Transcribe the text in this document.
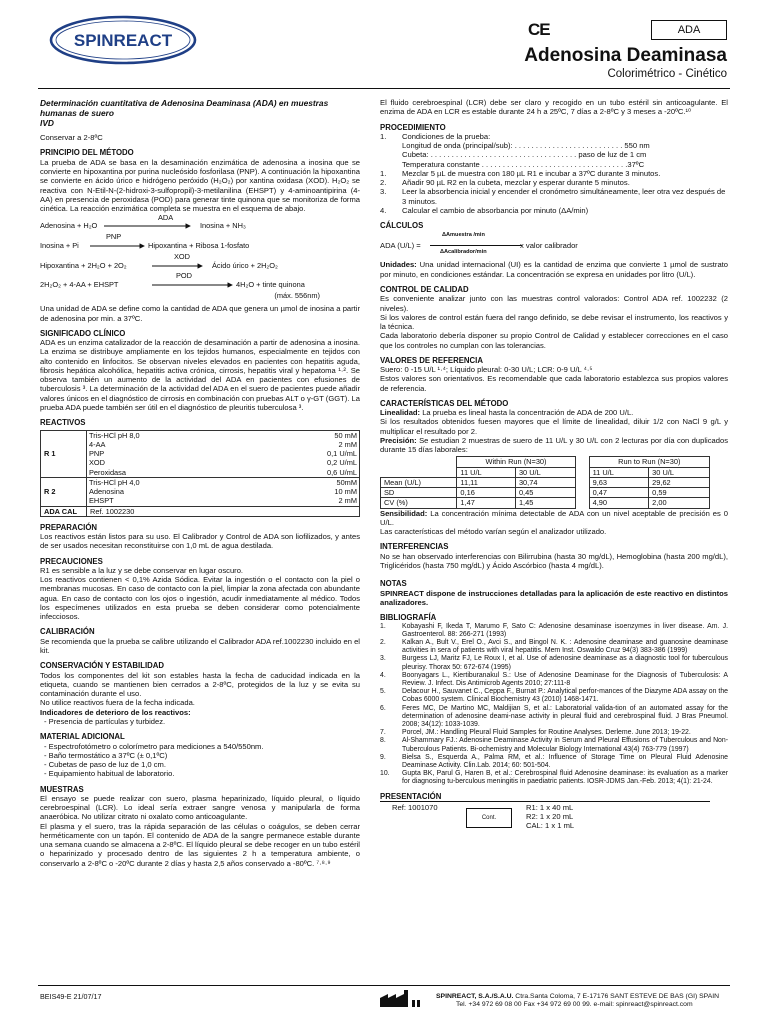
SPINREACT
CE	ADA
Adenosina Deaminasa
Colorimétrico - Cinético
Determinación cuantitativa de Adenosina Deaminasa (ADA) en muestras humanas de suero
IVD

Conservar a 2-8ºC

PRINCIPIO DEL MÉTODO

La prueba de ADA se basa en la desaminación enzimática de adenosina a inosina que se convierte en hipoxantina por purina nucleósido fosforilasa (PNP). A continuación la hipoxantina se convierte en ácido úrico e hidrógeno peróxido (H₂O₂) por xantina oxidasa (XOD). H₂O₂ se reactiva con N-Etil-N-(2-hidroxi-3-sulfopropil)-3-metilanilina (EHSPT) y 4-aminoantipirina (4-AA) en presencia de peroxidasa (POD) para generar tinte quinona que se monitoriza de forma cinética. La reacción enzimática completa se muestra en el esquema de abajo.

ADA
Adenosina + H₂O	Inosina + NH₃
PNP
Inosina + Pi	Hipoxantina + Ribosa 1-fosfato
XOD
Hipoxantina + 2H₂O + 2O₂	Ácido úrico + 2H₂O₂
POD
2H₂O₂ + 4-AA + EHSPT	4H₂O + tinte quinona
(máx. 556nm)

Una unidad de ADA se define como la cantidad de ADA que genera un µmol de inosina a partir de adenosina por min. a 37ºC.

SIGNIFICADO CLÍNICO

ADA es un enzima catalizador de la reacción de desaminación a partir de adenosina a inosina. La enzima se distribuye ampliamente en los tejidos humanos, especialmente en tejidos con alto contenido en linfocitos. Se observan niveles elevados en pacientes con hepatitis aguda, fibrosis hepática alcohólica, hepatitis activa crónica, cirrosis, hepatitis viral y hepatoma ¹·². Se observa también un aumento de la actividad del ADA en pacientes con efusiones de tuberculosis ³. La determinación de la actividad del ADA en el suero de pacientes puede añadir valores únicos en el diagnóstico de cirrosis en combinación con pruebas ALT o γ-GT (GGT). La prueba ADA puede también ser útil en el diagnóstico de pleuritis tuberculosa ³.

REACTIVOS
R 1	
Tris-HCl pH 8,0	50 mM
4-AA	2 mM
PNP	0,1 U/mL
XOD	0,2 U/mL
Peroxidasa	0,6 U/mL

R 2	
Tris-HCl pH 4,0	50mM
Adenosina	10 mM
EHSPT	2 mM

ADA CAL	Ref. 1002230
PREPARACIÓN

Los reactivos están listos para su uso. El Calibrador y Control de ADA son liofilizados, y antes de ser usados necesitan reconstituirse con 1,0 mL de agua destilada.

PRECAUCIONES

R1 es sensible a la luz y se debe conservar en lugar oscuro.

Los reactivos contienen < 0,1% Azida Sódica. Evitar la ingestión o el contacto con la piel o membranas mucosas. En caso de contacto con la piel, limpiar la zona afectada con abundante agua. En caso de contacto con los ojos o ingestión, acudir inmediatamente al médico. Todos los especímenes utilizados en esta prueba se deben considerar como potencialmente infecciosos.

CALIBRACIÓN

Se recomienda que la prueba se calibre utilizando el Calibrador ADA ref.1002230 incluido en el kit.

CONSERVACIÓN Y ESTABILIDAD

Todos los componentes del kit son estables hasta la fecha de caducidad indicada en la etiqueta, cuando se mantienen bien cerrados a 2-8ºC, protegidos de la luz y se evita su contaminación durante el uso.

No utilice reactivos fuera de la fecha indicada.

Indicadores de deterioro de los reactivos:

- Presencia de partículas y turbidez.

MATERIAL ADICIONAL
- Espectrofotómetro o colorímetro para mediciones a 540/550nm.
- Baño termostático a 37ºC (± 0,1ºC)
- Cubetas de paso de luz de 1,0 cm.
- Equipamiento habitual de laboratorio.
MUESTRAS

El ensayo se puede realizar con suero, plasma heparinizado, líquido pleural, o líquido cerebroespinal (LCR). Lo ideal sería extraer sangre venosa y manipularla de forma anaeróbica. No utilizar citrato ni oxalato como anticoagulante.

El plasma y el suero, tras la rápida separación de las células o coágulos, se deben cerrar herméticamente con un tapón. El contenido de ADA de la sangre permanece estable durante una semana cuando se almacena a 2-8ºC. El líquido pleural se debe recoger en un tubo estéril o heparinizado y procesado dentro de las siguientes 2 h a temperatura ambiente, o conservarlo a 2-8ºC o -20ºC durante 2 días y hasta 2,5 años conservado a -80ºC. ⁷·⁸·⁹

El fluido cerebroespinal (LCR) debe ser claro y recogido en un tubo estéril sin anticoagulante. El enzima de ADA en LCR es estable durante 24 h a 25ºC, 7 días a 2-8ºC y 3 meses a -20ºC.¹⁰

PROCEDIMIENTO
1. Condiciones de la prueba:
Longitud de onda (principal/sub): . . . . . . . . . . . . . . . . . . . . . . . . . . 550 nm
Cubeta: . . . . . . . . . . . . . . . . . . . . . . . . . . . . . . . . . . . paso de luz de 1 cm
Temperatura constante . . . . . . . . . . . . . . . . . . . . . . . . . . . . . . . . . . .37ºC
1. Mezclar 5 µL de muestra con 180 µL R1 e incubar a 37ºC durante 3 minutos.
2. Añadir 90 µL R2 en la cubeta, mezclar y esperar durante 5 minutos.
3. Leer la absorbencia inicial y encender el cronómetro simultáneamente, leer otra vez después de 3 minutos.
4. Calcular el cambio de absorbancia por minuto (ΔA/min)
CÁLCULOS
ADA (U/L) =
ΔAmuestra /min
ΔAcalibrador/min
x valor calibrador

Unidades: Una unidad internacional (UI) es la cantidad de enzima que convierte 1 µmol de sustrato por minuto, en condiciones estándar. La concentración se expresa en unidades por litro (U/L).

CONTROL DE CALIDAD

Es conveniente analizar junto con las muestras control valorados: Control ADA ref. 1002232 (2 niveles).

Si los valores de control están fuera del rango definido, se debe revisar el instrumento, los reactivos y la técnica.

Cada laboratorio debería disponer su propio Control de Calidad y establecer correcciones en el caso que los controles no cumplan con las tolerancias.

VALORES DE REFERENCIA

Suero: 0 -15 U/L ¹·⁴; Líquido pleural: 0-30 U/L; LCR: 0-9 U/L ⁴·⁵

Estos valores son orientativos. Es recomendable que cada laboratorio establezca sus propios valores de referencia.

CARACTERÍSTICAS DEL MÉTODO

Linealidad: La prueba es lineal hasta la concentración de ADA de 200 U/L.

Si los resultados obtenidos fuesen mayores que el límite de linealidad, diluir 1/2 con NaCl 9 g/L y multiplicar el resultado por 2.

Precisión: Se estudian 2 muestras de suero de 11 U/L y 30 U/L con 2 lecturas por día con duplicados durante 15 días laborales:

	Within Run (N=30)			Run to Run (N=30)	
	11 U/L	30 U/L		11 U/L	30 U/L
Mean (U/L)	11,11	30,74		9,63	29,62
SD	0,16	0,45		0,47	0,59
CV (%)	1,47	1,45		4,90	2,00

Sensibilidad: La concentración mínima detectable de ADA con un nivel aceptable de precisión es 0 U/L.

Las características del método varían según el analizador utilizado.

INTERFERENCIAS

No se han observado interferencias con Bilirrubina (hasta 30 mg/dL), Hemoglobina (hasta 200 mg/dL), Triglicéridos (hasta 750 mg/dL) y Ácido Ascórbico (hasta 4 mg/dL).

NOTAS

SPINREACT dispone de instrucciones detalladas para la aplicación de este reactivo en distintos analizadores.

BIBLIOGRAFÍA
1. Kobayashi F, Ikeda T, Marumo F, Sato C: Adenosine desaminase isoenzymes in liver disease. Am. J. Gastroenterol. 88: 266-271 (1993)
2. Kalkan A., Bult V., Erel O., Avci S., and Bingol N. K. : Adenosine deaminase and guanosine deaminase activities in sera of patients with viral hepatitis. Mem Inst. Oswaldo Cruz 94(3) 383-386 (1999)
3. Burgess LJ, Maritz FJ, Le Roux I, et al. Use of adenosine deaminase as a diagnostic tool for tuberculous pleurisy. Thorax 50: 672-674 (1995)
4. Boonyagars L., Kiertiburanakul S.: Use of Adenosine Deaminase for the Diagnosis of Tuberculosis: A Review. J. Infect. Dis Antimicrob Agents 2010; 27:111-8
5. Delacour H., Sauvanet C., Ceppa F., Burnat P.: Analytical perfor-mances of the Diazyme ADA assay on the Cobas 6000 system. Clinical Biochemistry 43 (2010) 1468-1471.
6. Feres MC, De Martino MC, Maldijian S, et al.: Laboratorial valida-tion of an automated assay for the determination of adenosine deami-nase activity in pleural fluid and cerebrospinal fluid. J Bras Pneumol. 2008; 34(12): 1033-1039.
7. Porcel, JM.: Handling Pleural Fluid Samples for Routine Analyses. Derleme. June 2013; 19-22.
8. Al-Shammary FJ.: Adenosine Deaminase Activity in Serum and Pleural Effusions of Tuberculous and Non-Tuberculous Patients. Bi-ochemistry and Molecular Biology International 43(4) 763-779 (1997)
9. Bielsa S., Esquerda A., Palma RM, et al.: Influence of Storage Time on Pleural Fluid Adenosine Deaminase Activity. Clin.Lab. 2014; 60: 501-504.
10. Gupta BK, Parul G, Haren B, et al.: Cerebrospinal fluid Adenosine deaminase: its evaluation as a marker for diagnosing tu-berculous meningitis in paediatric patients. IOSR-JDMS Jan.-Feb. 2013; 4(1): 21-24.
PRESENTACIÓN
Ref: 1001070
Cont.
R1: 1 x 40 mL
R2: 1 x 20 mL
CAL: 1 x 1 mL
BEIS49-E 21/07/17	SPINREACT, S.A./S.A.U. Ctra.Santa Coloma, 7 E-17176 SANT ESTEVE DE BAS (GI) SPAIN
Tel. +34 972 69 08 00 Fax +34 972 69 00 99. e-mail: spinreact@spinreact.com
